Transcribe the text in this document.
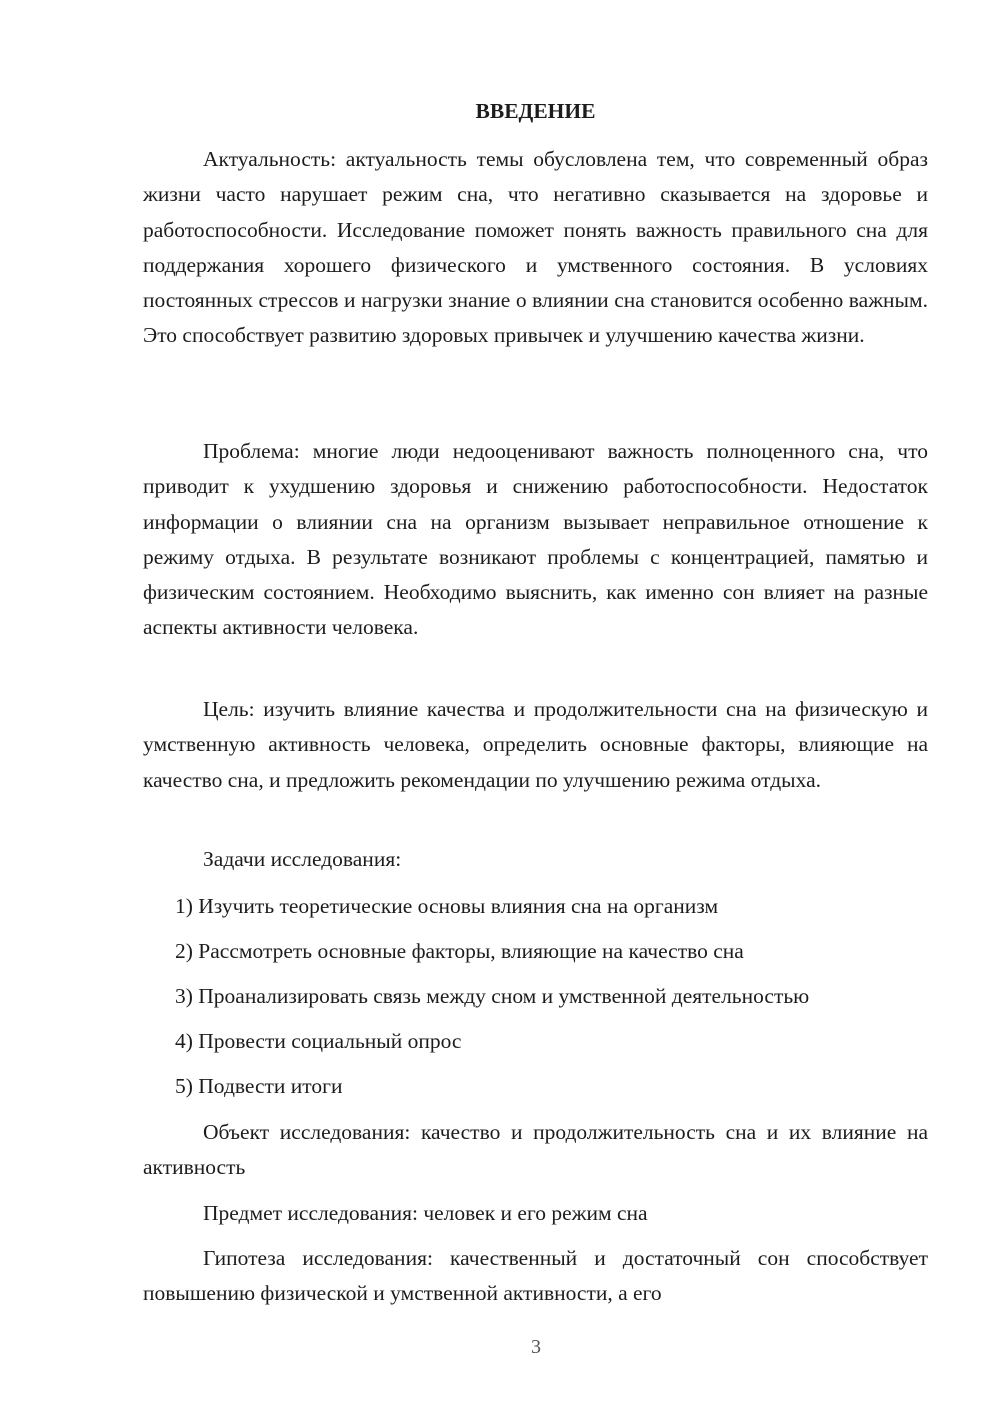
ВВЕДЕНИЕ

Актуальность: актуальность темы обусловлена тем, что современный образ жизни часто нарушает режим сна, что негативно сказывается на здоровье и работоспособности. Исследование поможет понять важность правильного сна для поддержания хорошего физического и умственного состояния. В условиях постоянных стрессов и нагрузки знание о влиянии сна становится особенно важным. Это способствует развитию здоровых привычек и улучшению качества жизни.

Проблема: многие люди недооценивают важность полноценного сна, что приводит к ухудшению здоровья и снижению работоспособности. Недостаток информации о влиянии сна на организм вызывает неправильное отношение к режиму отдыха. В результате возникают проблемы с концентрацией, памятью и физическим состоянием. Необходимо выяснить, как именно сон влияет на разные аспекты активности человека.

Цель: изучить влияние качества и продолжительности сна на физическую и умственную активность человека, определить основные факторы, влияющие на качество сна, и предложить рекомендации по улучшению режима отдыха.

Задачи исследования:

1) Изучить теоретические основы влияния сна на организм

2) Рассмотреть основные факторы, влияющие на качество сна

3) Проанализировать связь между сном и умственной деятельностью

4) Провести социальный опрос

5) Подвести итоги

Объект исследования: качество и продолжительность сна и их влияние на активность

Предмет исследования: человек и его режим сна

Гипотеза исследования: качественный и достаточный сон способствует повышению физической и умственной активности, а его

3
